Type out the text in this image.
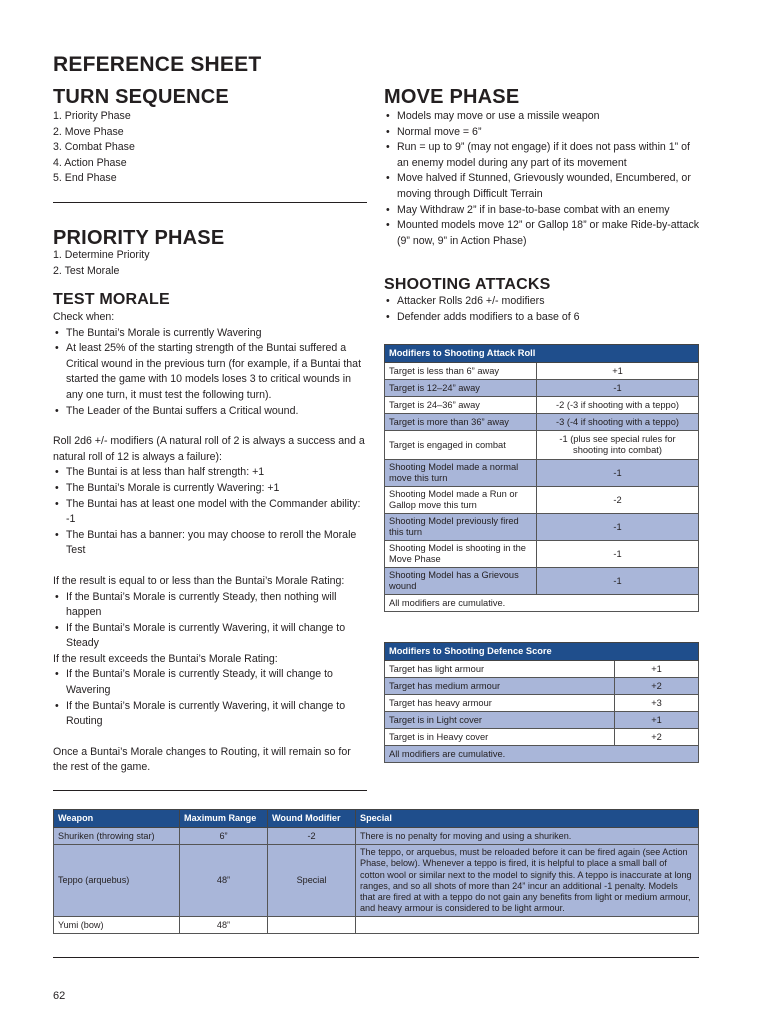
REFERENCE SHEET
TURN SEQUENCE
1. Priority Phase
2. Move Phase
3. Combat Phase
4. Action Phase
5. End Phase
PRIORITY PHASE
1. Determine Priority
2. Test Morale
TEST MORALE

Check when:

• The Buntai’s Morale is currently Wavering
• At least 25% of the starting strength of the Buntai suffered a Critical wound in the previous turn (for example, if a Buntai that started the game with 10 models loses 3 to critical wounds in any one turn, it must test the following turn).
• The Leader of the Buntai suffers a Critical wound.

Roll 2d6 +/- modifiers (A natural roll of 2 is always a success and a natural roll of 12 is always a failure):

• The Buntai is at less than half strength: +1
• The Buntai’s Morale is currently Wavering: +1
• The Buntai has at least one model with the Commander ability: -1
• The Buntai has a banner: you may choose to reroll the Morale Test

If the result is equal to or less than the Buntai’s Morale Rating:

• If the Buntai’s Morale is currently Steady, then nothing will happen
• If the Buntai’s Morale is currently Wavering, it will change to Steady

If the result exceeds the Buntai’s Morale Rating:

• If the Buntai’s Morale is currently Steady, it will change to Wavering
• If the Buntai’s Morale is currently Wavering, it will change to Routing

Once a Buntai’s Morale changes to Routing, it will remain so for the rest of the game.

MOVE PHASE
• Models may move or use a missile weapon
• Normal move = 6”
• Run = up to 9” (may not engage) if it does not pass within 1” of an enemy model during any part of its movement
• Move halved if Stunned, Grievously wounded, Encumbered, or moving through Difficult Terrain
• May Withdraw 2” if in base-to-base combat with an enemy
• Mounted models move 12” or Gallop 18” or make Ride-by-attack (9” now, 9” in Action Phase)
SHOOTING ATTACKS
• Attacker Rolls 2d6 +/- modifiers
• Defender adds modifiers to a base of 6
Modifiers to Shooting Attack Roll	
Target is less than 6” away	+1
Target is 12–24” away	-1
Target is 24–36” away	-2 (-3 if shooting with a teppo)
Target is more than 36” away	-3 (-4 if shooting with a teppo)
Target is engaged in combat	-1 (plus see special rules for shooting into combat)
Shooting Model made a normal move this turn	-1
Shooting Model made a Run or Gallop move this turn	-2
Shooting Model previously fired this turn	-1
Shooting Model is shooting in the Move Phase	-1
Shooting Model has a Grievous wound	-1
All modifiers are cumulative.	
Modifiers to Shooting Defence Score	
Target has light armour	+1
Target has medium armour	+2
Target has heavy armour	+3
Target is in Light cover	+1
Target is in Heavy cover	+2
All modifiers are cumulative.	
Weapon	Maximum Range	Wound Modifier	Special
Shuriken (throwing star)	6”	-2	There is no penalty for moving and using a shuriken.
Teppo (arquebus)	48”	Special	The teppo, or arquebus, must be reloaded before it can be fired again (see Action Phase, below). Whenever a teppo is fired, it is helpful to place a small ball of cotton wool or similar next to the model to signify this. A teppo is inaccurate at long ranges, and so all shots of more than 24” incur an additional -1 penalty. Models that are fired at with a teppo do not gain any benefits from light or medium armour, and heavy armour is considered to be light armour.
Yumi (bow)	48”		
62
